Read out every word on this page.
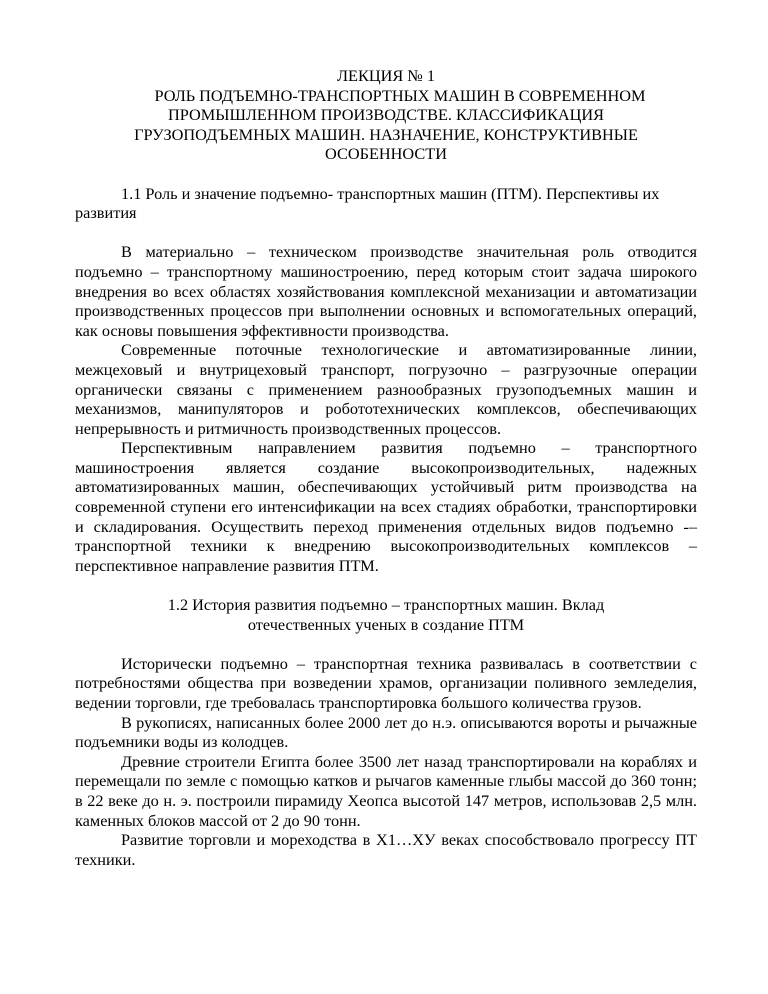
ЛЕКЦИЯ № 1
РОЛЬ ПОДЪЕМНО-ТРАНСПОРТНЫХ МАШИН В СОВРЕМЕННОМ
ПРОМЫШЛЕННОМ ПРОИЗВОДСТВЕ. КЛАССИФИКАЦИЯ
ГРУЗОПОДЪЕМНЫХ МАШИН. НАЗНАЧЕНИЕ, КОНСТРУКТИВНЫЕ
ОСОБЕННОСТИ

1.1 Роль и значение подъемно- транспортных машин (ПТМ). Перспективы их развития

В материально – техническом производстве значительная роль отводится подъемно – транспортному машиностроению, перед которым стоит задача широкого внедрения во всех областях хозяйствования комплексной механизации и автоматизации производственных процессов при выполнении основных и вспомогательных операций, как основы повышения эффективности производства.

Современные поточные технологические и автоматизированные линии, межцеховый и внутрицеховый транспорт, погрузочно – разгрузочные операции органически связаны с применением разнообразных грузоподъемных машин и механизмов, манипуляторов и робототехнических комплексов, обеспечивающих непрерывность и ритмичность производственных процессов.

Перспективным направлением развития подъемно – транспортного машиностроения является создание высокопроизводительных, надежных автоматизированных машин, обеспечивающих устойчивый ритм производства на современной ступени его интенсификации на всех стадиях обработки, транспортировки и складирования. Осуществить переход применения отдельных видов подъемно -–транспортной техники к внедрению высокопроизводительных комплексов – перспективное направление развития ПТМ.

1.2 История развития подъемно – транспортных машин. Вклад
отечественных ученых в создание ПТМ

Исторически подъемно – транспортная техника развивалась в соответствии с потребностями общества при возведении храмов, организации поливного земледелия, ведении торговли, где требовалась транспортировка большого количества грузов.

В рукописях, написанных более 2000 лет до н.э. описываются вороты и рычажные подъемники воды из колодцев.

Древние строители Египта более 3500 лет назад транспортировали на кораблях и перемещали по земле с помощью катков и рычагов каменные глыбы массой до 360 тонн; в 22 веке до н. э. построили пирамиду Хеопса высотой 147 метров, использовав 2,5 млн. каменных блоков массой от 2 до 90 тонн.

Развитие торговли и мореходства в Х1…ХУ веках способствовало прогрессу ПТ техники.
